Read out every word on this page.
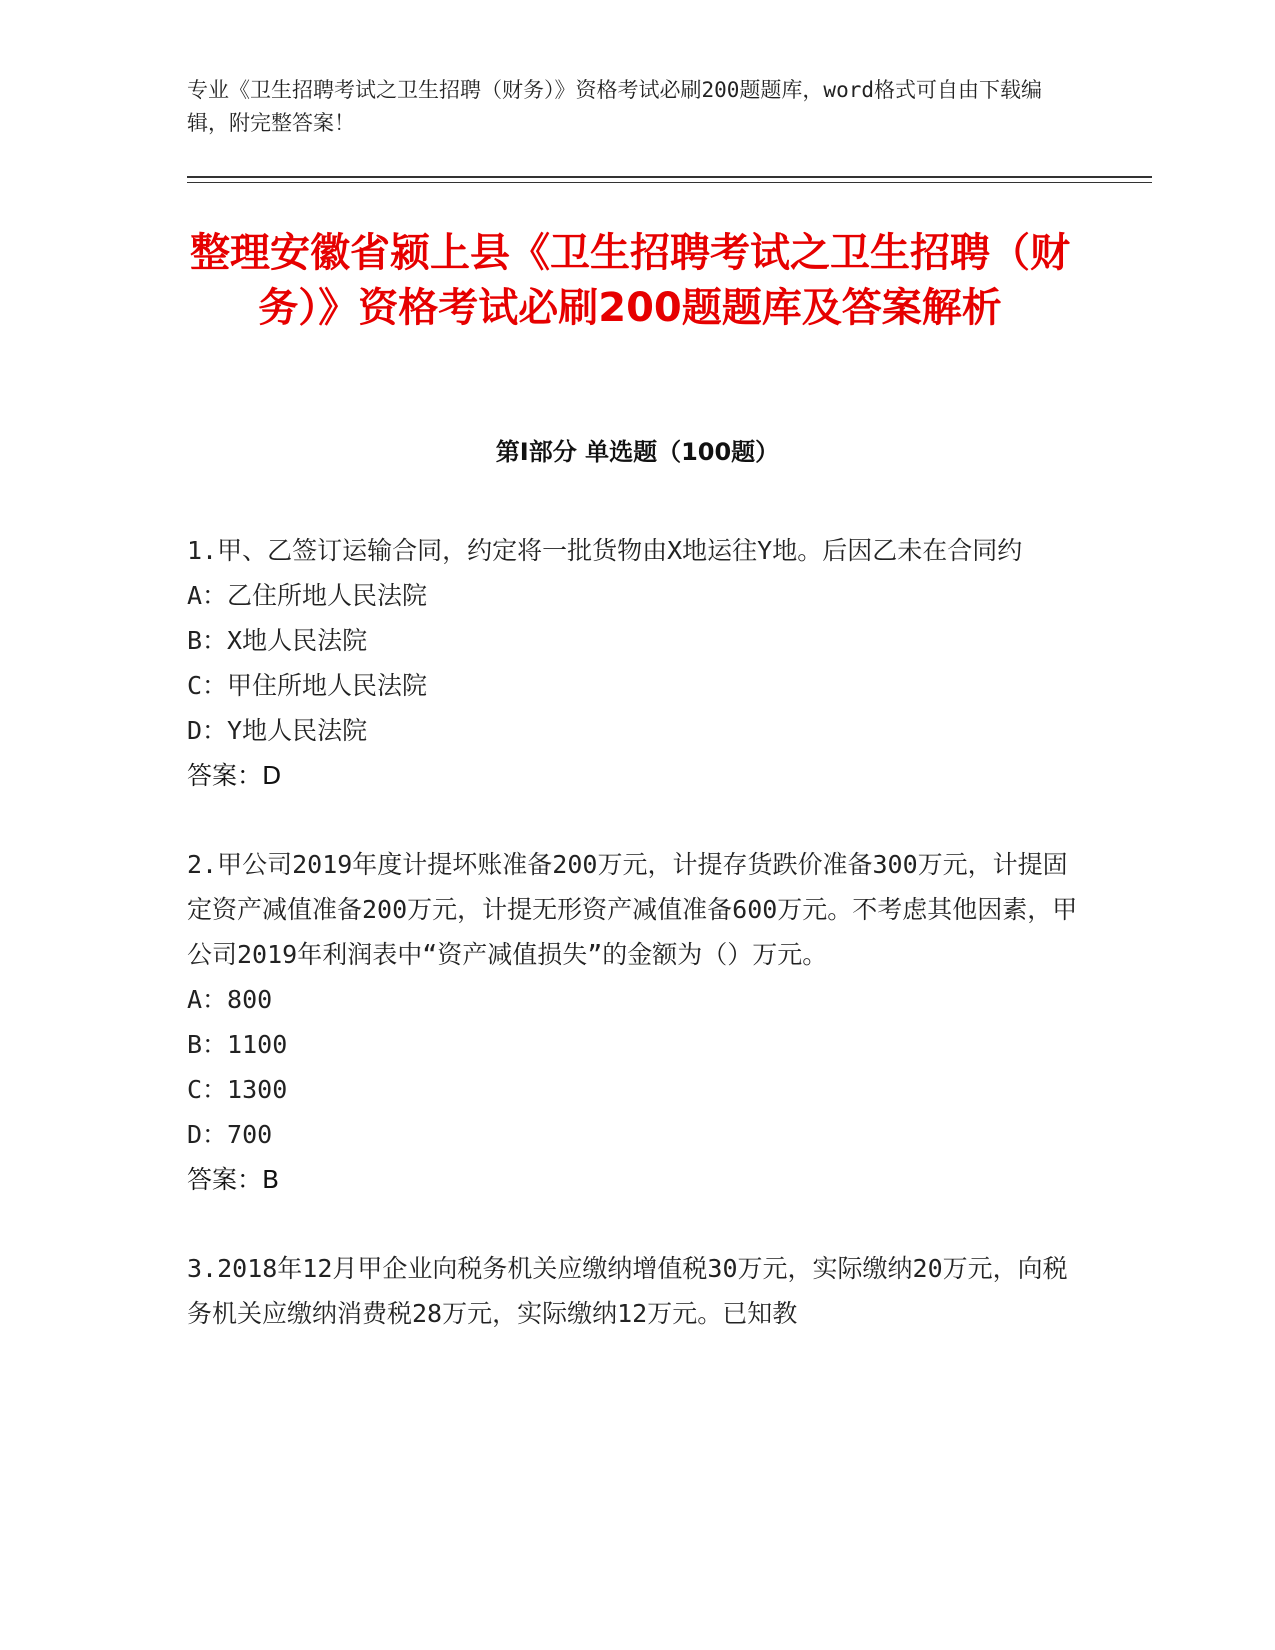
专业《卫生招聘考试之卫生招聘（财务）》资格考试必刷200题题库，word格式可自由下载编辑，附完整答案！
整理安徽省颍上县《卫生招聘考试之卫生招聘（财务）》资格考试必刷200题题库及答案解析
第Ⅰ部分 单选题（100题）
1.甲、乙签订运输合同，约定将一批货物由X地运往Y地。后因乙未在合同约
A：乙住所地人民法院
B：X地人民法院
C：甲住所地人民法院
D：Y地人民法院
答案：D
2.甲公司2019年度计提坏账准备200万元，计提存货跌价准备300万元，计提固定资产减值准备200万元，计提无形资产减值准备600万元。不考虑其他因素，甲公司2019年利润表中“资产减值损失”的金额为（）万元。
A：800
B：1100
C：1300
D：700
答案：B
3.2018年12月甲企业向税务机关应缴纳增值税30万元，实际缴纳20万元，向税务机关应缴纳消费税28万元，实际缴纳12万元。已知教
